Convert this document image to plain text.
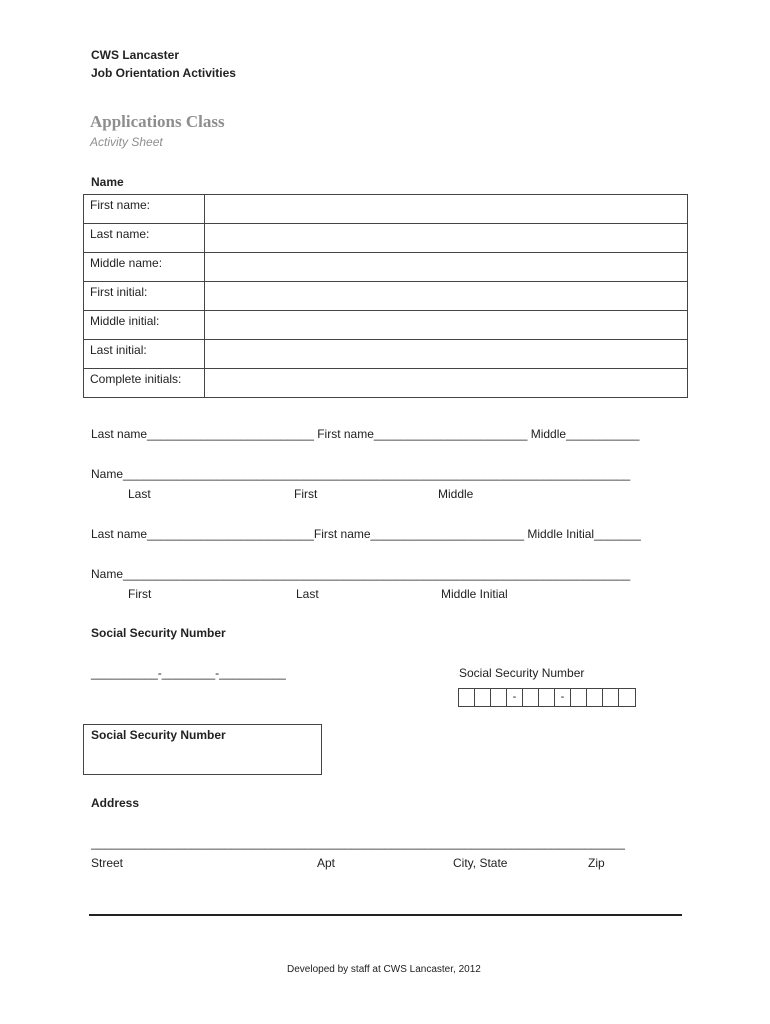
CWS Lancaster
Job Orientation Activities
Applications Class
Activity Sheet
Name
First name:	
Last name:	
Middle name:	
First initial:	
Middle initial:	
Last initial:	
Complete initials:	
Last name_________________________ First name_______________________ Middle___________
Name____________________________________________________________________________
Last	First	Middle
Last name_________________________First name_______________________ Middle Initial_______
Name____________________________________________________________________________
First	Last	Middle Initial
Social Security Number
__________-________-__________	Social Security Number
-	-
Social Security Number
Address
________________________________________________________________________________
Street	Apt	City, State	Zip
Developed by staff at CWS Lancaster, 2012
